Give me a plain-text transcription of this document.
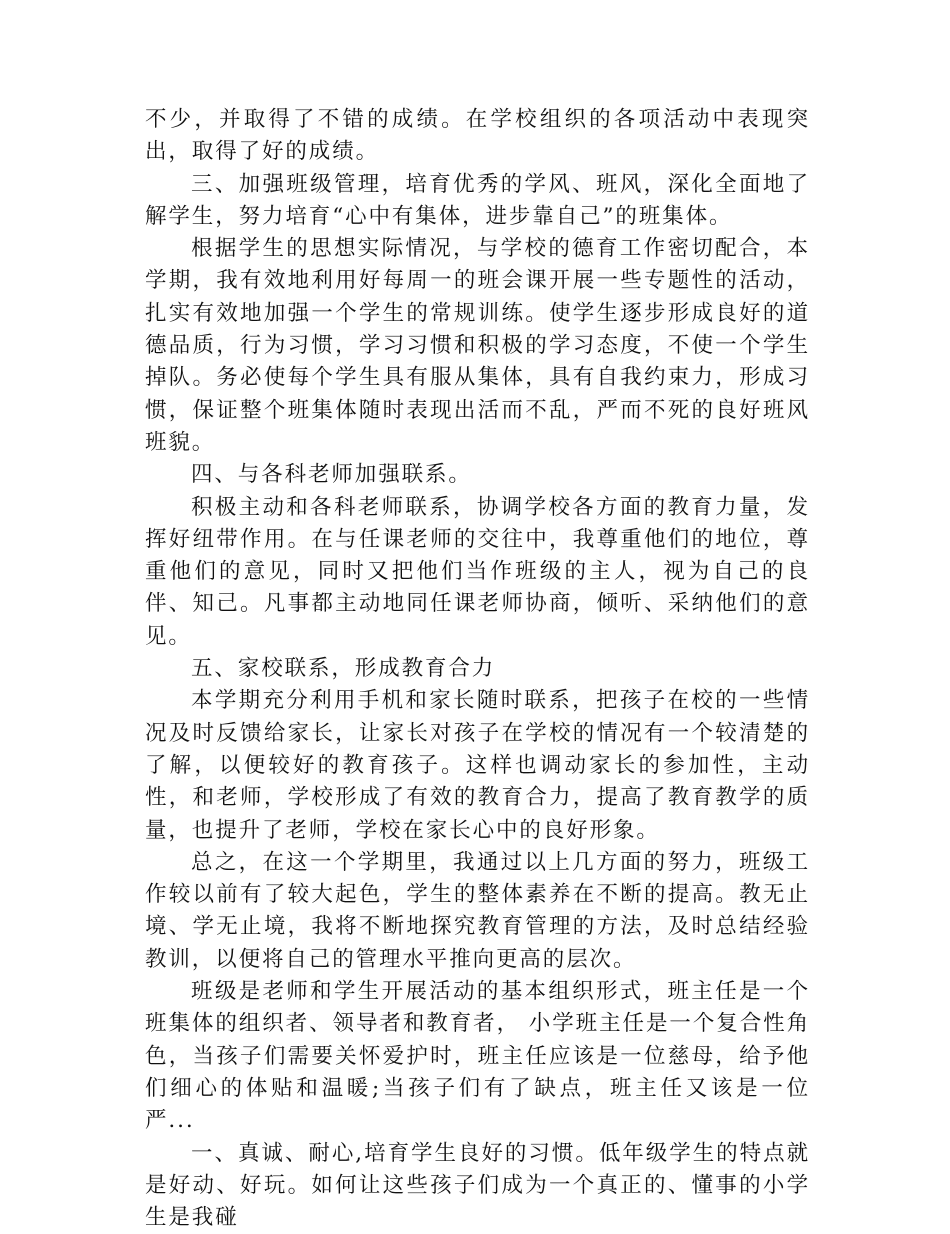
不少，并取得了不错的成绩。在学校组织的各项活动中表现突出，取得了好的成绩。

三、加强班级管理，培育优秀的学风、班风，深化全面地了解学生，努力培育“心中有集体，进步靠自己”的班集体。

根据学生的思想实际情况，与学校的德育工作密切配合，本学期，我有效地利用好每周一的班会课开展一些专题性的活动，扎实有效地加强一个学生的常规训练。使学生逐步形成良好的道德品质，行为习惯，学习习惯和积极的学习态度，不使一个学生掉队。务必使每个学生具有服从集体，具有自我约束力，形成习惯，保证整个班集体随时表现出活而不乱，严而不死的良好班风班貌。

四、与各科老师加强联系。

积极主动和各科老师联系，协调学校各方面的教育力量，发挥好纽带作用。在与任课老师的交往中，我尊重他们的地位，尊重他们的意见，同时又把他们当作班级的主人，视为自己的良伴、知己。凡事都主动地同任课老师协商，倾听、采纳他们的意见。

五、家校联系，形成教育合力

本学期充分利用手机和家长随时联系，把孩子在校的一些情况及时反馈给家长，让家长对孩子在学校的情况有一个较清楚的了解，以便较好的教育孩子。这样也调动家长的参加性，主动性，和老师，学校形成了有效的教育合力，提高了教育教学的质量，也提升了老师，学校在家长心中的良好形象。

总之，在这一个学期里，我通过以上几方面的努力，班级工作较以前有了较大起色，学生的整体素养在不断的提高。教无止境、学无止境，我将不断地探究教育管理的方法，及时总结经验教训，以便将自己的管理水平推向更高的层次。

班级是老师和学生开展活动的基本组织形式，班主任是一个班集体的组织者、领导者和教育者， 小学班主任是一个复合性角色，当孩子们需要关怀爱护时，班主任应该是一位慈母，给予他们细心的体贴和温暖;当孩子们有了缺点，班主任又该是一位严...

一、真诚、耐心,培育学生良好的习惯。低年级学生的特点就是好动、好玩。如何让这些孩子们成为一个真正的、懂事的小学生是我碰
